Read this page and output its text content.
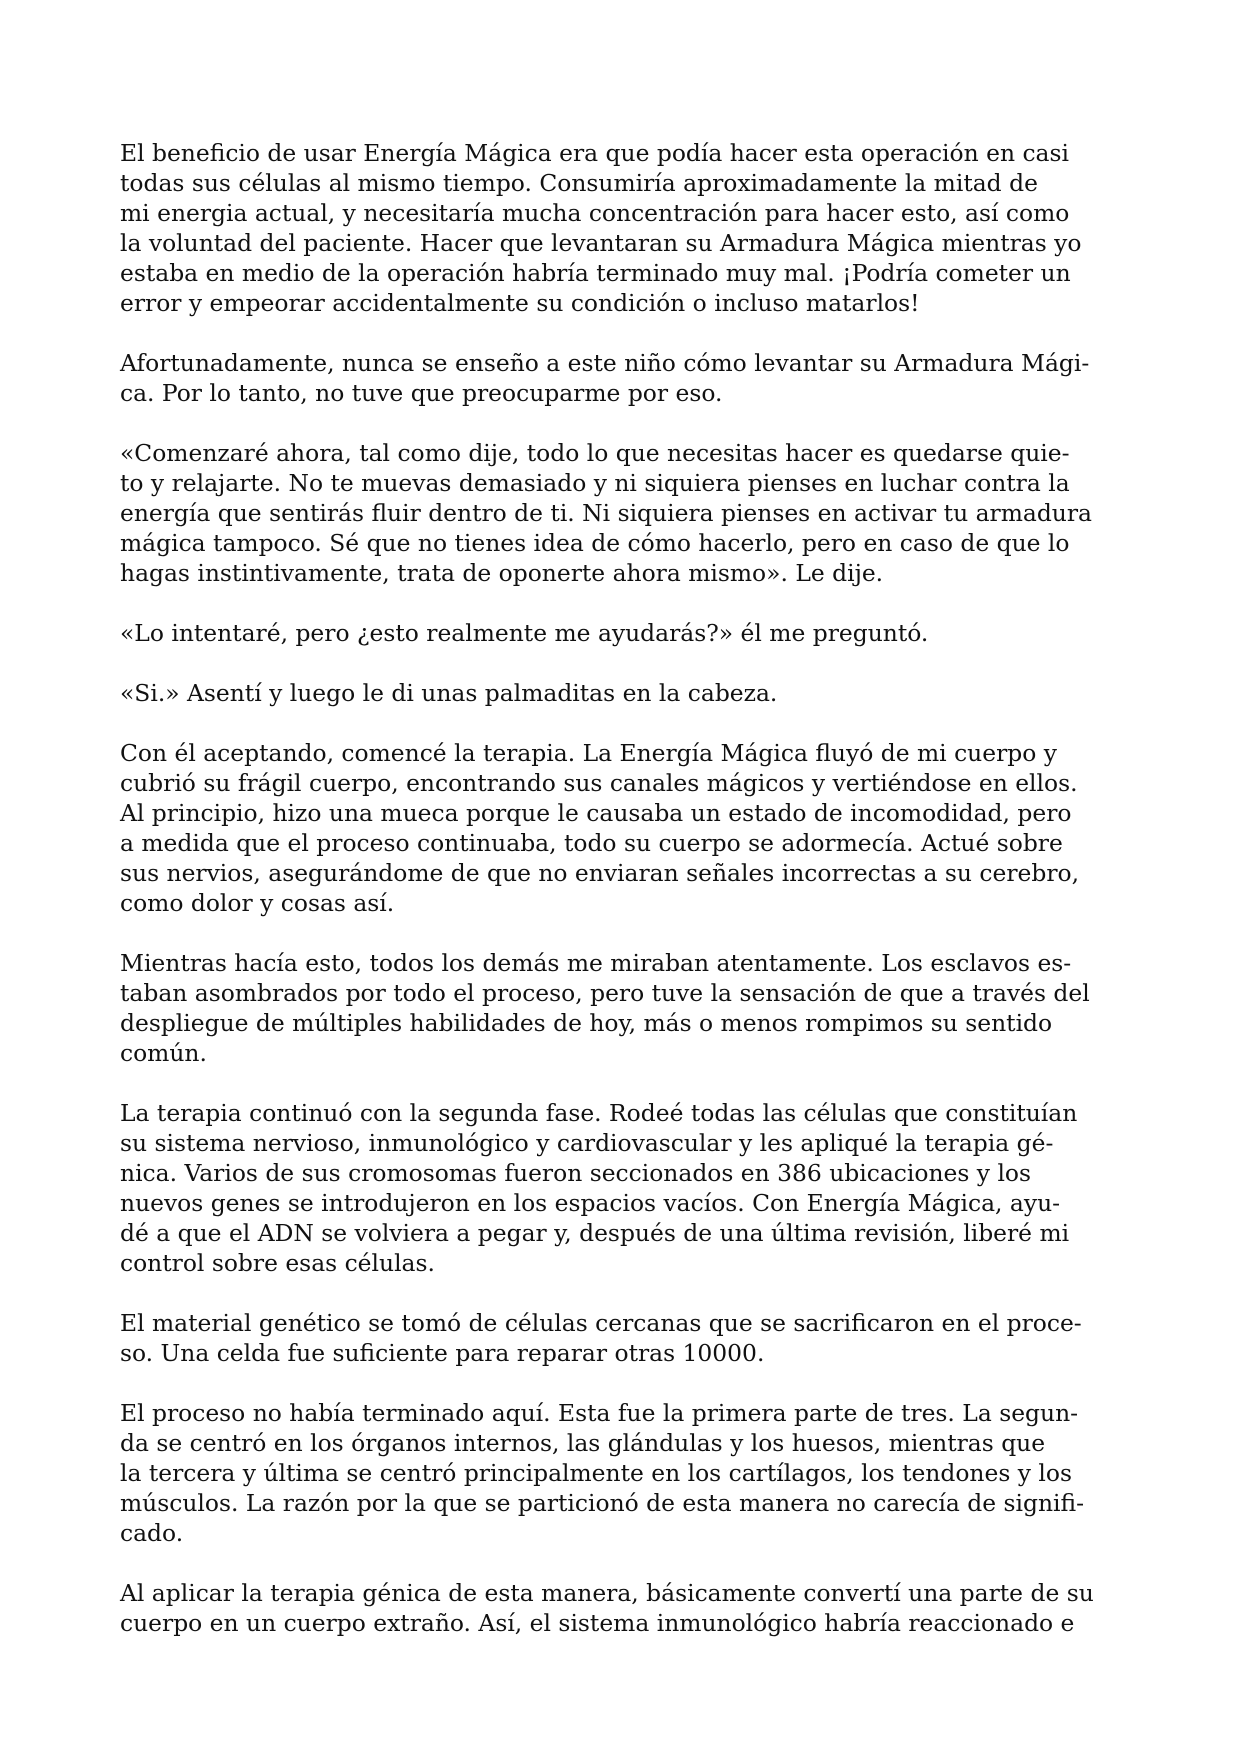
El beneficio de usar Energía Mágica era que podía hacer esta operación en casi
todas sus células al mismo tiempo. Consumiría aproximadamente la mitad de
mi energia actual, y necesitaría mucha concentración para hacer esto, así como
la voluntad del paciente. Hacer que levantaran su Armadura Mágica mientras yo
estaba en medio de la operación habría terminado muy mal. ¡Podría cometer un
error y empeorar accidentalmente su condición o incluso matarlos!
Afortunadamente, nunca se enseño a este niño cómo levantar su Armadura Mági-
ca. Por lo tanto, no tuve que preocuparme por eso.
«Comenzaré ahora, tal como dije, todo lo que necesitas hacer es quedarse quie-
to y relajarte. No te muevas demasiado y ni siquiera pienses en luchar contra la
energía que sentirás fluir dentro de ti. Ni siquiera pienses en activar tu armadura
mágica tampoco. Sé que no tienes idea de cómo hacerlo, pero en caso de que lo
hagas instintivamente, trata de oponerte ahora mismo». Le dije.
«Lo intentaré, pero ¿esto realmente me ayudarás?» él me preguntó.
«Si.» Asentí y luego le di unas palmaditas en la cabeza.
Con él aceptando, comencé la terapia. La Energía Mágica fluyó de mi cuerpo y
cubrió su frágil cuerpo, encontrando sus canales mágicos y vertiéndose en ellos.
Al principio, hizo una mueca porque le causaba un estado de incomodidad, pero
a medida que el proceso continuaba, todo su cuerpo se adormecía. Actué sobre
sus nervios, asegurándome de que no enviaran señales incorrectas a su cerebro,
como dolor y cosas así.
Mientras hacía esto, todos los demás me miraban atentamente. Los esclavos es-
taban asombrados por todo el proceso, pero tuve la sensación de que a través del
despliegue de múltiples habilidades de hoy, más o menos rompimos su sentido
común.
La terapia continuó con la segunda fase. Rodeé todas las células que constituían
su sistema nervioso, inmunológico y cardiovascular y les apliqué la terapia gé-
nica. Varios de sus cromosomas fueron seccionados en 386 ubicaciones y los
nuevos genes se introdujeron en los espacios vacíos. Con Energía Mágica, ayu-
dé a que el ADN se volviera a pegar y, después de una última revisión, liberé mi
control sobre esas células.
El material genético se tomó de células cercanas que se sacrificaron en el proce-
so. Una celda fue suficiente para reparar otras 10000.
El proceso no había terminado aquí. Esta fue la primera parte de tres. La segun-
da se centró en los órganos internos, las glándulas y los huesos, mientras que
la tercera y última se centró principalmente en los cartílagos, los tendones y los
músculos. La razón por la que se particionó de esta manera no carecía de signifi-
cado.
Al aplicar la terapia génica de esta manera, básicamente convertí una parte de su
cuerpo en un cuerpo extraño. Así, el sistema inmunológico habría reaccionado e
